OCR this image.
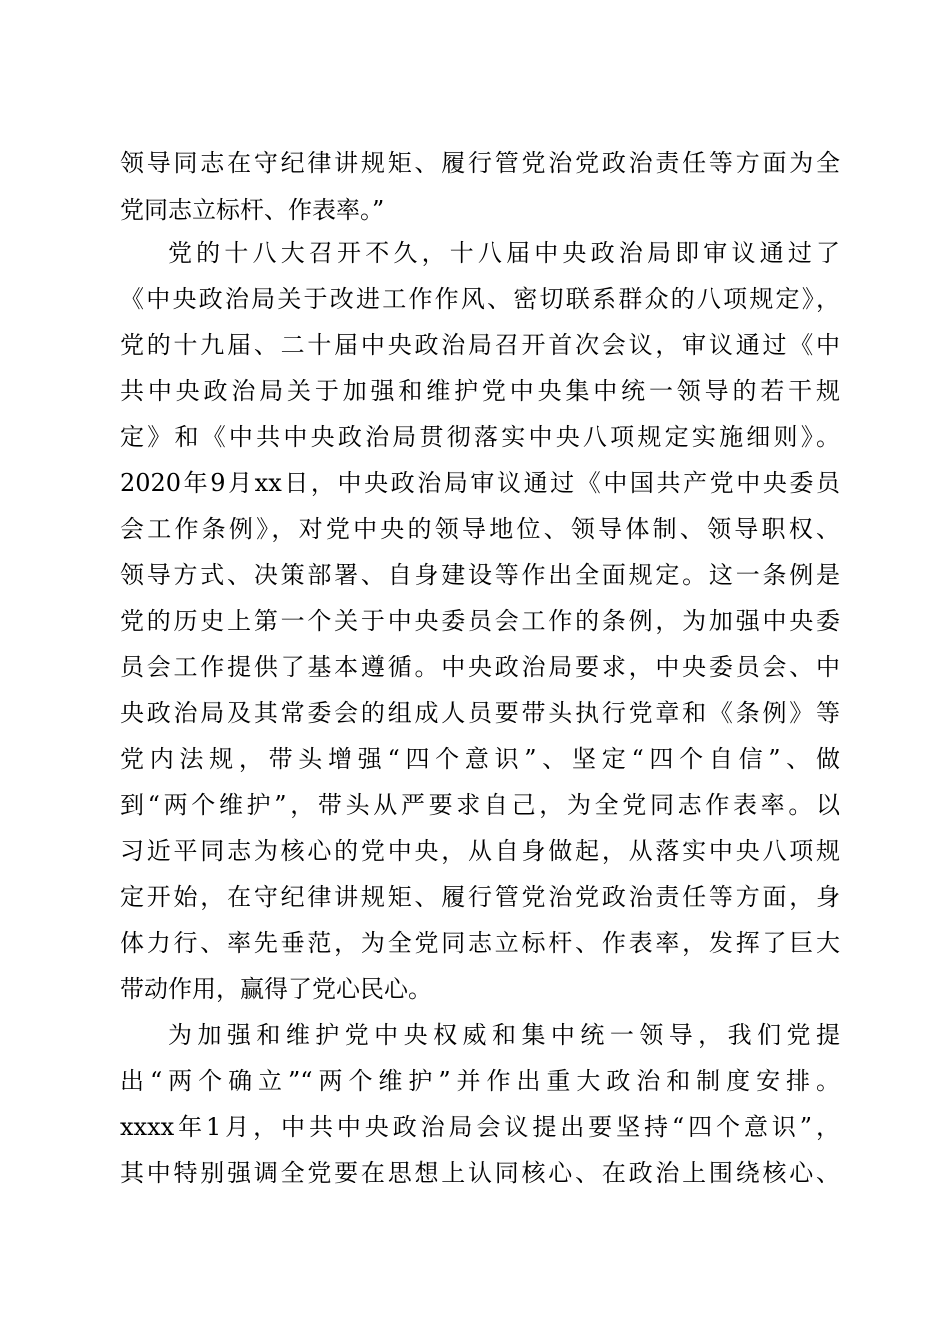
领导同志在守纪律讲规矩、履行管党治党政治责任等方面为全
党同志立标杆、作表率。”
党的十八大召开不久，十八届中央政治局即审议通过了
《中央政治局关于改进工作作风、密切联系群众的八项规定》，
党的十九届、二十届中央政治局召开首次会议，审议通过《中
共中央政治局关于加强和维护党中央集中统一领导的若干规
定》和《中共中央政治局贯彻落实中央八项规定实施细则》。
2020年9月xx日，中央政治局审议通过《中国共产党中央委员
会工作条例》，对党中央的领导地位、领导体制、领导职权、
领导方式、决策部署、自身建设等作出全面规定。这一条例是
党的历史上第一个关于中央委员会工作的条例，为加强中央委
员会工作提供了基本遵循。中央政治局要求，中央委员会、中
央政治局及其常委会的组成人员要带头执行党章和《条例》等
党内法规，带头增强“四个意识”、坚定“四个自信”、做
到“两个维护”，带头从严要求自己，为全党同志作表率。以
习近平同志为核心的党中央，从自身做起，从落实中央八项规
定开始，在守纪律讲规矩、履行管党治党政治责任等方面，身
体力行、率先垂范，为全党同志立标杆、作表率，发挥了巨大
带动作用，赢得了党心民心。
为加强和维护党中央权威和集中统一领导，我们党提
出“两个确立”“两个维护”并作出重大政治和制度安排。
xxxx年1月，中共中央政治局会议提出要坚持“四个意识”，
其中特别强调全党要在思想上认同核心、在政治上围绕核心、
